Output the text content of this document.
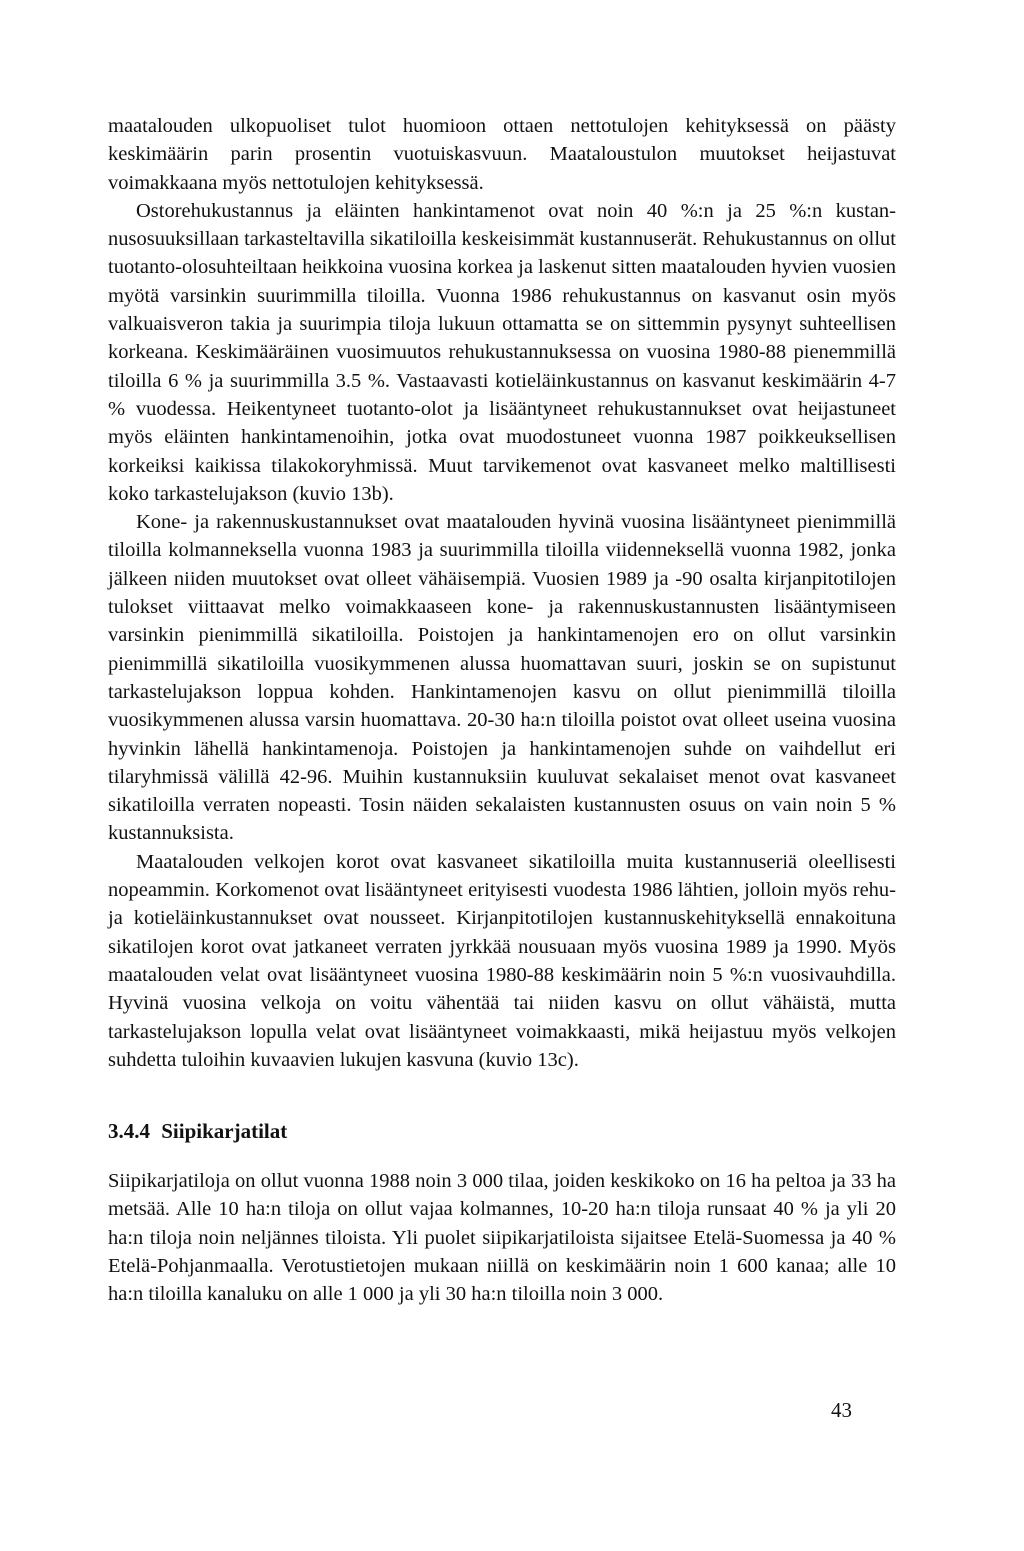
maatalouden ulkopuoliset tulot huomioon ottaen nettotulojen kehityksessä on päästy keskimäärin parin prosentin vuotuiskasvuun. Maataloustulon muutokset heijastuvat voimakkaana myös nettotulojen kehityksessä.

Ostorehukustannus ja eläinten hankintamenot ovat noin 40 %:n ja 25 %:n kustannusosuuksillaan tarkasteltavilla sikatiloilla keskeisimmät kustannuserät. Rehukustannus on ollut tuotanto-olosuhteiltaan heikkoina vuosina korkea ja laskenut sitten maatalouden hyvien vuosien myötä varsinkin suurimmilla tiloilla. Vuonna 1986 rehukustannus on kasvanut osin myös valkuaisveron takia ja suurimpia tiloja lukuun ottamatta se on sittemmin pysynyt suhteellisen korkeana. Keskimääräinen vuosimuutos rehukustannuksessa on vuosina 1980-88 pienemmillä tiloilla 6 % ja suurimmilla 3.5 %. Vastaavasti kotieläinkustannus on kasvanut keskimäärin 4-7 % vuodessa. Heikentyneet tuotanto-olot ja lisääntyneet rehukustannukset ovat heijastuneet myös eläinten hankintamenoihin, jotka ovat muodostuneet vuonna 1987 poikkeuksellisen korkeiksi kaikissa tilakokoryhmissä. Muut tarvikemenot ovat kasvaneet melko maltillisesti koko tarkastelujakson (kuvio 13b).

Kone- ja rakennuskustannukset ovat maatalouden hyvinä vuosina lisääntyneet pienimmillä tiloilla kolmanneksella vuonna 1983 ja suurimmilla tiloilla viidenneksellä vuonna 1982, jonka jälkeen niiden muutokset ovat olleet vähäisempiä. Vuosien 1989 ja -90 osalta kirjanpitotilojen tulokset viittaavat melko voimakkaaseen kone- ja rakennuskustannusten lisääntymiseen varsinkin pienimmillä sikatiloilla. Poistojen ja hankintamenojen ero on ollut varsinkin pienimmillä sikatiloilla vuosikymmenen alussa huomattavan suuri, joskin se on supistunut tarkastelujakson loppua kohden. Hankintamenojen kasvu on ollut pienimmillä tiloilla vuosikymmenen alussa varsin huomattava. 20-30 ha:n tiloilla poistot ovat olleet useina vuosina hyvinkin lähellä hankintamenoja. Poistojen ja hankintamenojen suhde on vaihdellut eri tilaryhmissä välillä 42-96. Muihin kustannuksiin kuuluvat sekalaiset menot ovat kasvaneet sikatiloilla verraten nopeasti. Tosin näiden sekalaisten kustannusten osuus on vain noin 5 % kustannuksista.

Maatalouden velkojen korot ovat kasvaneet sikatiloilla muita kustannuseriä oleellisesti nopeammin. Korkomenot ovat lisääntyneet erityisesti vuodesta 1986 lähtien, jolloin myös rehu- ja kotieläinkustannukset ovat nousseet. Kirjanpitotilojen kustannuskehityksellä ennakoituna sikatilojen korot ovat jatkaneet verraten jyrkkää nousuaan myös vuosina 1989 ja 1990. Myös maatalouden velat ovat lisääntyneet vuosina 1980-88 keskimäärin noin 5 %:n vuosivauhdilla. Hyvinä vuosina velkoja on voitu vähentää tai niiden kasvu on ollut vähäistä, mutta tarkastelujakson lopulla velat ovat lisääntyneet voimakkaasti, mikä heijastuu myös velkojen suhdetta tuloihin kuvaavien lukujen kasvuna (kuvio 13c).

3.4.4 Siipikarjatilat

Siipikarjatiloja on ollut vuonna 1988 noin 3 000 tilaa, joiden keskikoko on 16 ha peltoa ja 33 ha metsää. Alle 10 ha:n tiloja on ollut vajaa kolmannes, 10-20 ha:n tiloja runsaat 40 % ja yli 20 ha:n tiloja noin neljännes tiloista. Yli puolet siipikarjatiloista sijaitsee Etelä-Suomessa ja 40 % Etelä-Pohjanmaalla. Verotustietojen mukaan niillä on keskimäärin noin 1 600 kanaa; alle 10 ha:n tiloilla kanaluku on alle 1 000 ja yli 30 ha:n tiloilla noin 3 000.

43
